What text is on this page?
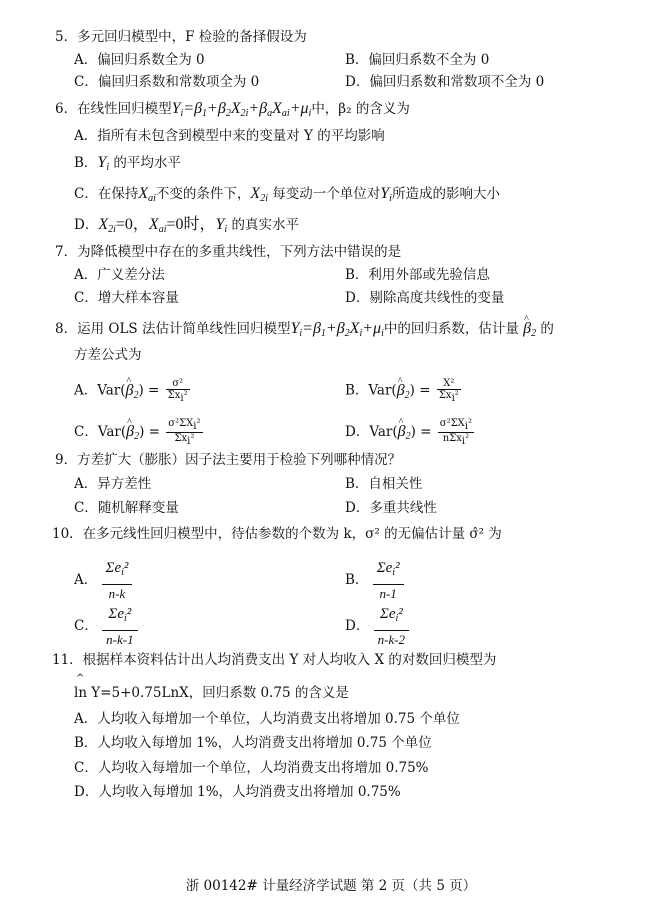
5．多元回归模型中，F 检验的备择假设为
A．偏回归系数全为 0	B．偏回归系数不全为 0
C．偏回归系数和常数项全为 0	D．偏回归系数和常数项不全为 0
6．在线性回归模型$Y_i=\beta_1+\beta_2X_{2i}+\beta_aX_{ai}+\mu_i$中，β₂ 的含义为
A．指所有未包含到模型中来的变量对 Y 的平均影响
B．$Y_i$ 的平均水平
C．在保持$X_{ai}$不变的条件下，$X_{2i}$ 每变动一个单位对$Y_i$所造成的影响大小
D．$X_{2i}=0$，$X_{ai}=0$时，$Y_i$ 的真实水平
7．为降低模型中存在的多重共线性，下列方法中错误的是
A．广义差分法	B．利用外部或先验信息
C．增大样本容量	D．剔除高度共线性的变量
8．运用 OLS 法估计简单线性回归模型$Y_i=\beta_1+\beta_2X_i+\mu_i$中的回归系数，估计量 ^ $\beta_2$ 的
方差公式为
A．Var(^ $\beta_2) = \frac{\text{σ²}}{\Sigma x_i^2}$	B．Var(^ $\beta_2) = \frac{\text{X²}}{\Sigma x_i^2}$
C．Var(^ $\beta_2) = \frac{\sigma^2\Sigma X_i^2}{\Sigma x_i^2}$	D．Var(^ $\beta_2) = \frac{\sigma^2\Sigma X_i^2}{n\Sigma x_i^2}$
9．方差扩大（膨胀）因子法主要用于检验下列哪种情况？
A．异方差性	B．自相关性
C．随机解释变量	D．多重共线性
10．在多元线性回归模型中，待估参数的个数为 k，σ² 的无偏估计量 σ̂² 为
A．
$\Sigma e_i^2$
n-k
B．
$\Sigma e_i^2$
n-1
C．
$\Sigma e_i^2$
n-k-1
D．
$\Sigma e_i^2$
n-k-2
11．根据样本资料估计出人均消费支出 Y 对人均收入 X 的对数回归模型为
ln Y=5+0.75LnX，回归系数 0.75 的含义是
^
A．人均收入每增加一个单位，人均消费支出将增加 0.75 个单位
B．人均收入每增加 1%，人均消费支出将增加 0.75 个单位
C．人均收入每增加一个单位，人均消费支出将增加 0.75%
D．人均收入每增加 1%，人均消费支出将增加 0.75%
浙 00142# 计量经济学试题 第 2 页（共 5 页）
